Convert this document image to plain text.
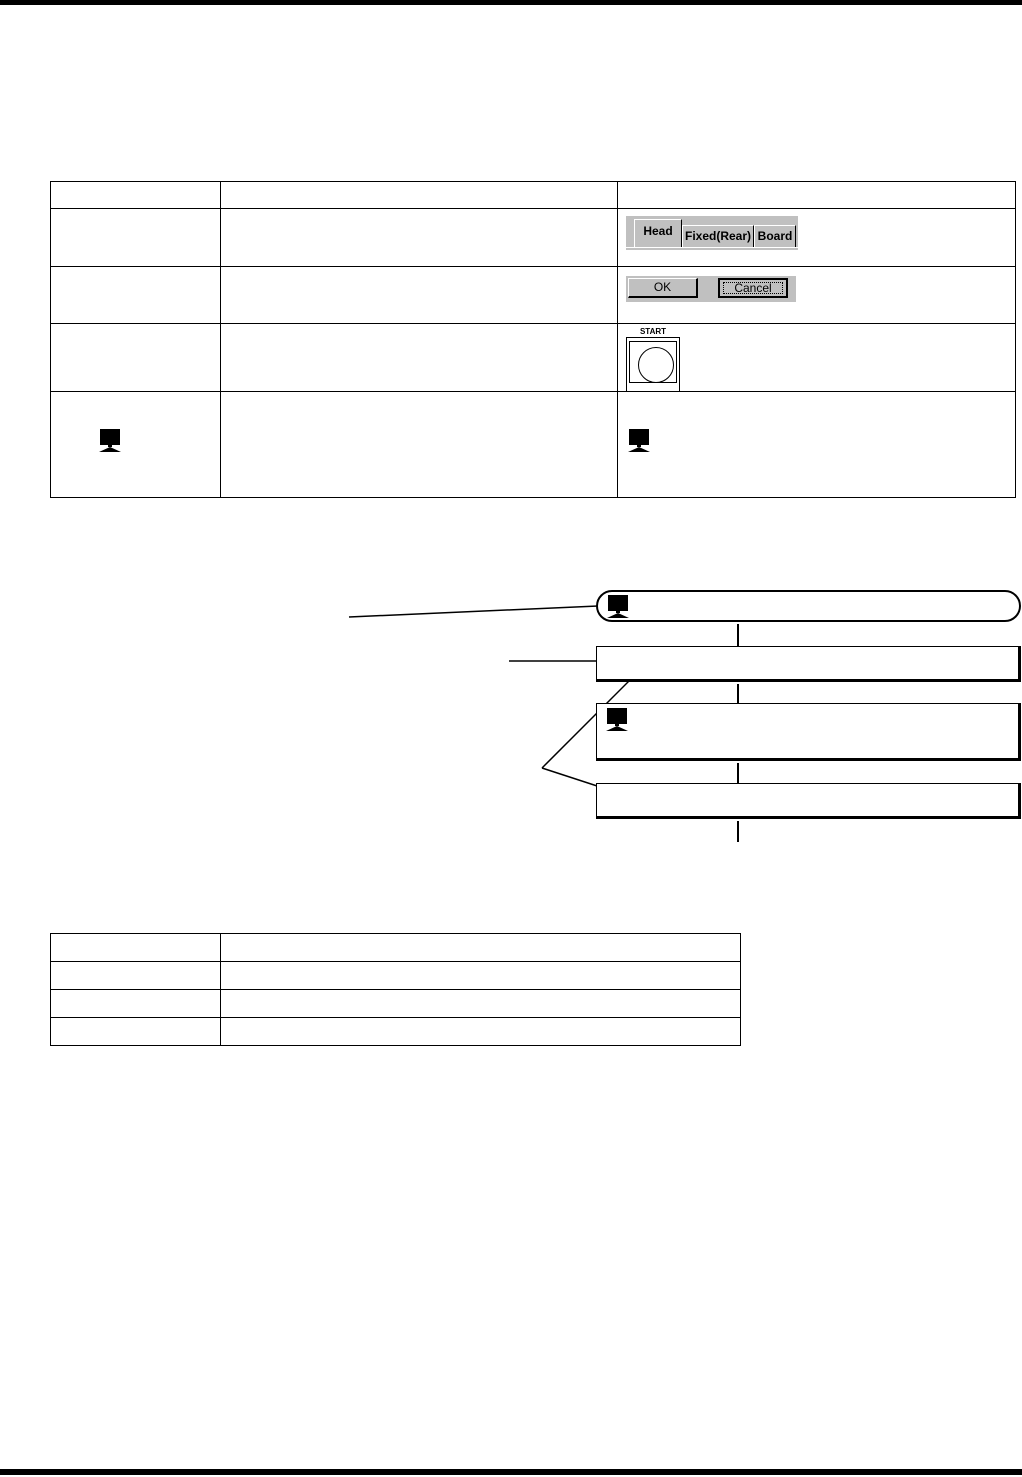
		Head Fixed(Rear) Board

		OK Cancel

		START
